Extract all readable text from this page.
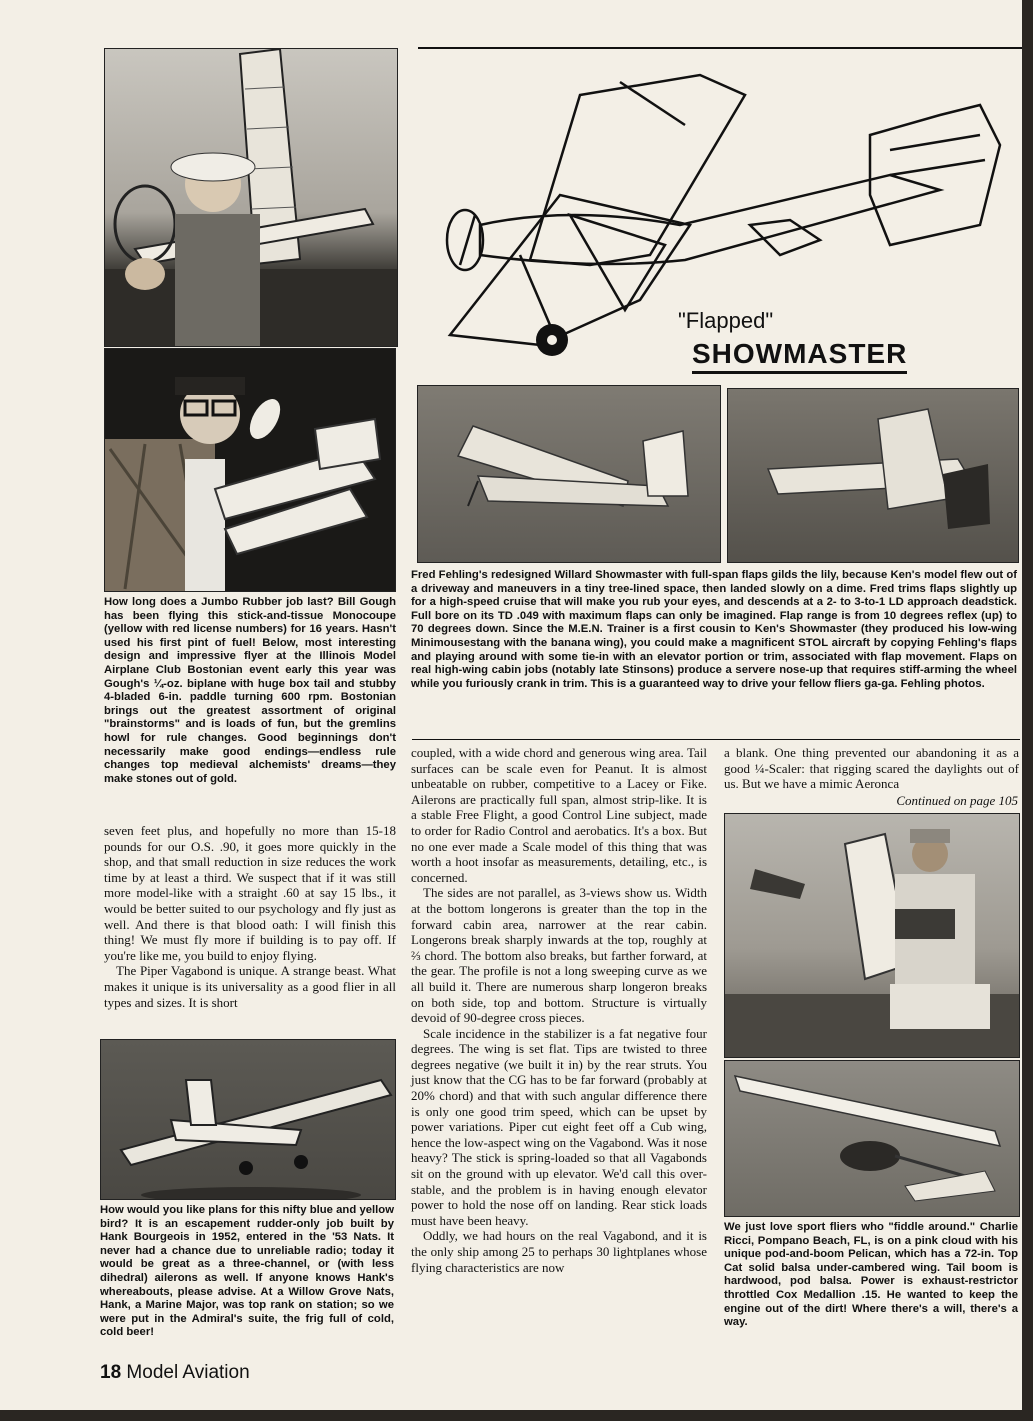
How long does a Jumbo Rubber job last? Bill Gough has been flying this stick-and-tissue Monocoupe (yellow with red license numbers) for 16 years. Hasn't used his first pint of fuel! Below, most interesting design and impressive flyer at the Illinois Model Airplane Club Bostonian event early this year was Gough's ¼-oz. biplane with huge box tail and stubby 4-bladed 6-in. paddle turning 600 rpm. Bostonian brings out the greatest assortment of original "brainstorms" and is loads of fun, but the gremlins howl for rule changes. Good beginnings don't necessarily make good endings—endless rule changes top medieval alchemists' dreams—they make stones out of gold.

seven feet plus, and hopefully no more than 15-18 pounds for our O.S. .90, it goes more quickly in the shop, and that small reduction in size reduces the work time by at least a third. We suspect that if it was still more model-like with a straight .60 at say 15 lbs., it would be better suited to our psychology and fly just as well. And there is that blood oath: I will finish this thing! We must fly more if building is to pay off. If you're like me, you build to enjoy flying.

The Piper Vagabond is unique. A strange beast. What makes it unique is its universality as a good flier in all types and sizes. It is short

How would you like plans for this nifty blue and yellow bird? It is an escapement rudder-only job built by Hank Bourgeois in 1952, entered in the '53 Nats. It never had a chance due to unreliable radio; today it would be great as a three-channel, or (with less dihedral) ailerons as well. If anyone knows Hank's whereabouts, please advise. At a Willow Grove Nats, Hank, a Marine Major, was top rank on station; so we were put in the Admiral's suite, the frig full of cold, cold beer!

"Flapped"
SHOWMASTER

Fred Fehling's redesigned Willard Showmaster with full-span flaps gilds the lily, because Ken's model flew out of a driveway and maneuvers in a tiny tree-lined space, then landed slowly on a dime. Fred trims flaps slightly up for a high-speed cruise that will make you rub your eyes, and descends at a 2- to 3-to-1 LD approach deadstick. Full bore on its TD .049 with maximum flaps can only be imagined. Flap range is from 10 degrees reflex (up) to 70 degrees down. Since the M.E.N. Trainer is a first cousin to Ken's Showmaster (they produced his low-wing Minimousestang with the banana wing), you could make a magnificent STOL aircraft by copying Fehling's flaps and playing around with some tie-in with an elevator portion or trim, associated with flap movement. Flaps on real high-wing cabin jobs (notably late Stinsons) produce a servere nose-up that requires stiff-arming the wheel while you furiously crank in trim. This is a guaranteed way to drive your fellow fliers ga-ga. Fehling photos.

coupled, with a wide chord and generous wing area. Tail surfaces can be scale even for Peanut. It is almost unbeatable on rubber, competitive to a Lacey or Fike. Ailerons are practically full span, almost strip-like. It is a stable Free Flight, a good Control Line subject, made to order for Radio Control and aerobatics. It's a box. But no one ever made a Scale model of this thing that was worth a hoot insofar as measurements, detailing, etc., is concerned.

The sides are not parallel, as 3-views show us. Width at the bottom longerons is greater than the top in the forward cabin area, narrower at the rear cabin. Longerons break sharply inwards at the top, roughly at ⅔ chord. The bottom also breaks, but farther forward, at the gear. The profile is not a long sweeping curve as we all build it. There are numerous sharp longeron breaks on both side, top and bottom. Structure is virtually devoid of 90-degree cross pieces.

Scale incidence in the stabilizer is a fat negative four degrees. The wing is set flat. Tips are twisted to three degrees negative (we built it in) by the rear struts. You just know that the CG has to be far forward (probably at 20% chord) and that with such angular difference there is only one good trim speed, which can be upset by power variations. Piper cut eight feet off a Cub wing, hence the low-aspect wing on the Vagabond. Was it nose heavy? The stick is spring-loaded so that all Vagabonds sit on the ground with up elevator. We'd call this over-stable, and the problem is in having enough elevator power to hold the nose off on landing. Rear stick loads must have been heavy.

Oddly, we had hours on the real Vagabond, and it is the only ship among 25 to perhaps 30 lightplanes whose flying characteristics are now

a blank. One thing prevented our abandoning it as a good ¼-Scaler: that rigging scared the daylights out of us. But we have a mimic Aeronca

Continued on page 105

We just love sport fliers who "fiddle around." Charlie Ricci, Pompano Beach, FL, is on a pink cloud with his unique pod-and-boom Pelican, which has a 72-in. Top Cat solid balsa under-cambered wing. Tail boom is hardwood, pod balsa. Power is exhaust-restrictor throttled Cox Medallion .15. He wanted to keep the engine out of the dirt! Where there's a will, there's a way.

18 Model Aviation
